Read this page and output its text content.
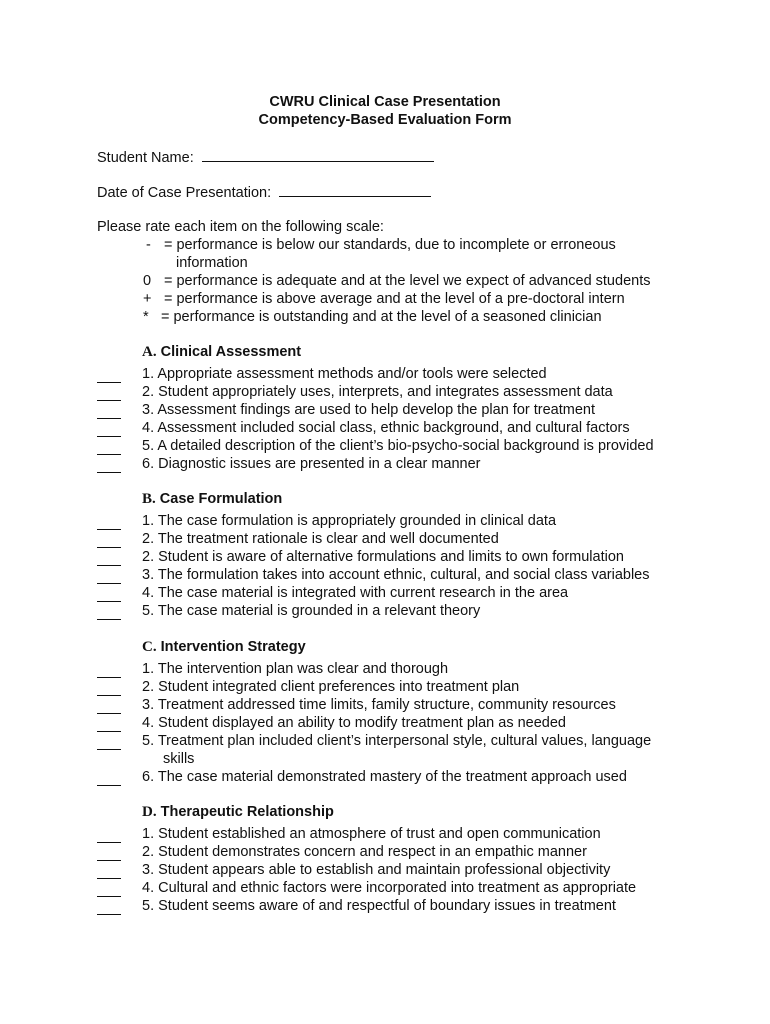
CWRU Clinical Case Presentation
Competency-Based Evaluation Form
Student Name:
Date of Case Presentation:
Please rate each item on the following scale:
- = performance is below our standards, due to incomplete or erroneous
information
0 = performance is adequate and at the level we expect of advanced students
+ = performance is above average and at the level of a pre-doctoral intern
* = performance is outstanding and at the level of a seasoned clinician
A. Clinical Assessment
1. Appropriate assessment methods and/or tools were selected
2. Student appropriately uses, interprets, and integrates assessment data
3. Assessment findings are used to help develop the plan for treatment
4. Assessment included social class, ethnic background, and cultural factors
5. A detailed description of the client’s bio-psycho-social background is provided
6. Diagnostic issues are presented in a clear manner
B. Case Formulation
1. The case formulation is appropriately grounded in clinical data
2. The treatment rationale is clear and well documented
2. Student is aware of alternative formulations and limits to own formulation
3. The formulation takes into account ethnic, cultural, and social class variables
4. The case material is integrated with current research in the area
5. The case material is grounded in a relevant theory
C. Intervention Strategy
1. The intervention plan was clear and thorough
2. Student integrated client preferences into treatment plan
3. Treatment addressed time limits, family structure, community resources
4. Student displayed an ability to modify treatment plan as needed
5. Treatment plan included client’s interpersonal style, cultural values, language
skills
6. The case material demonstrated mastery of the treatment approach used
D. Therapeutic Relationship
1. Student established an atmosphere of trust and open communication
2. Student demonstrates concern and respect in an empathic manner
3. Student appears able to establish and maintain professional objectivity
4. Cultural and ethnic factors were incorporated into treatment as appropriate
5. Student seems aware of and respectful of boundary issues in treatment
